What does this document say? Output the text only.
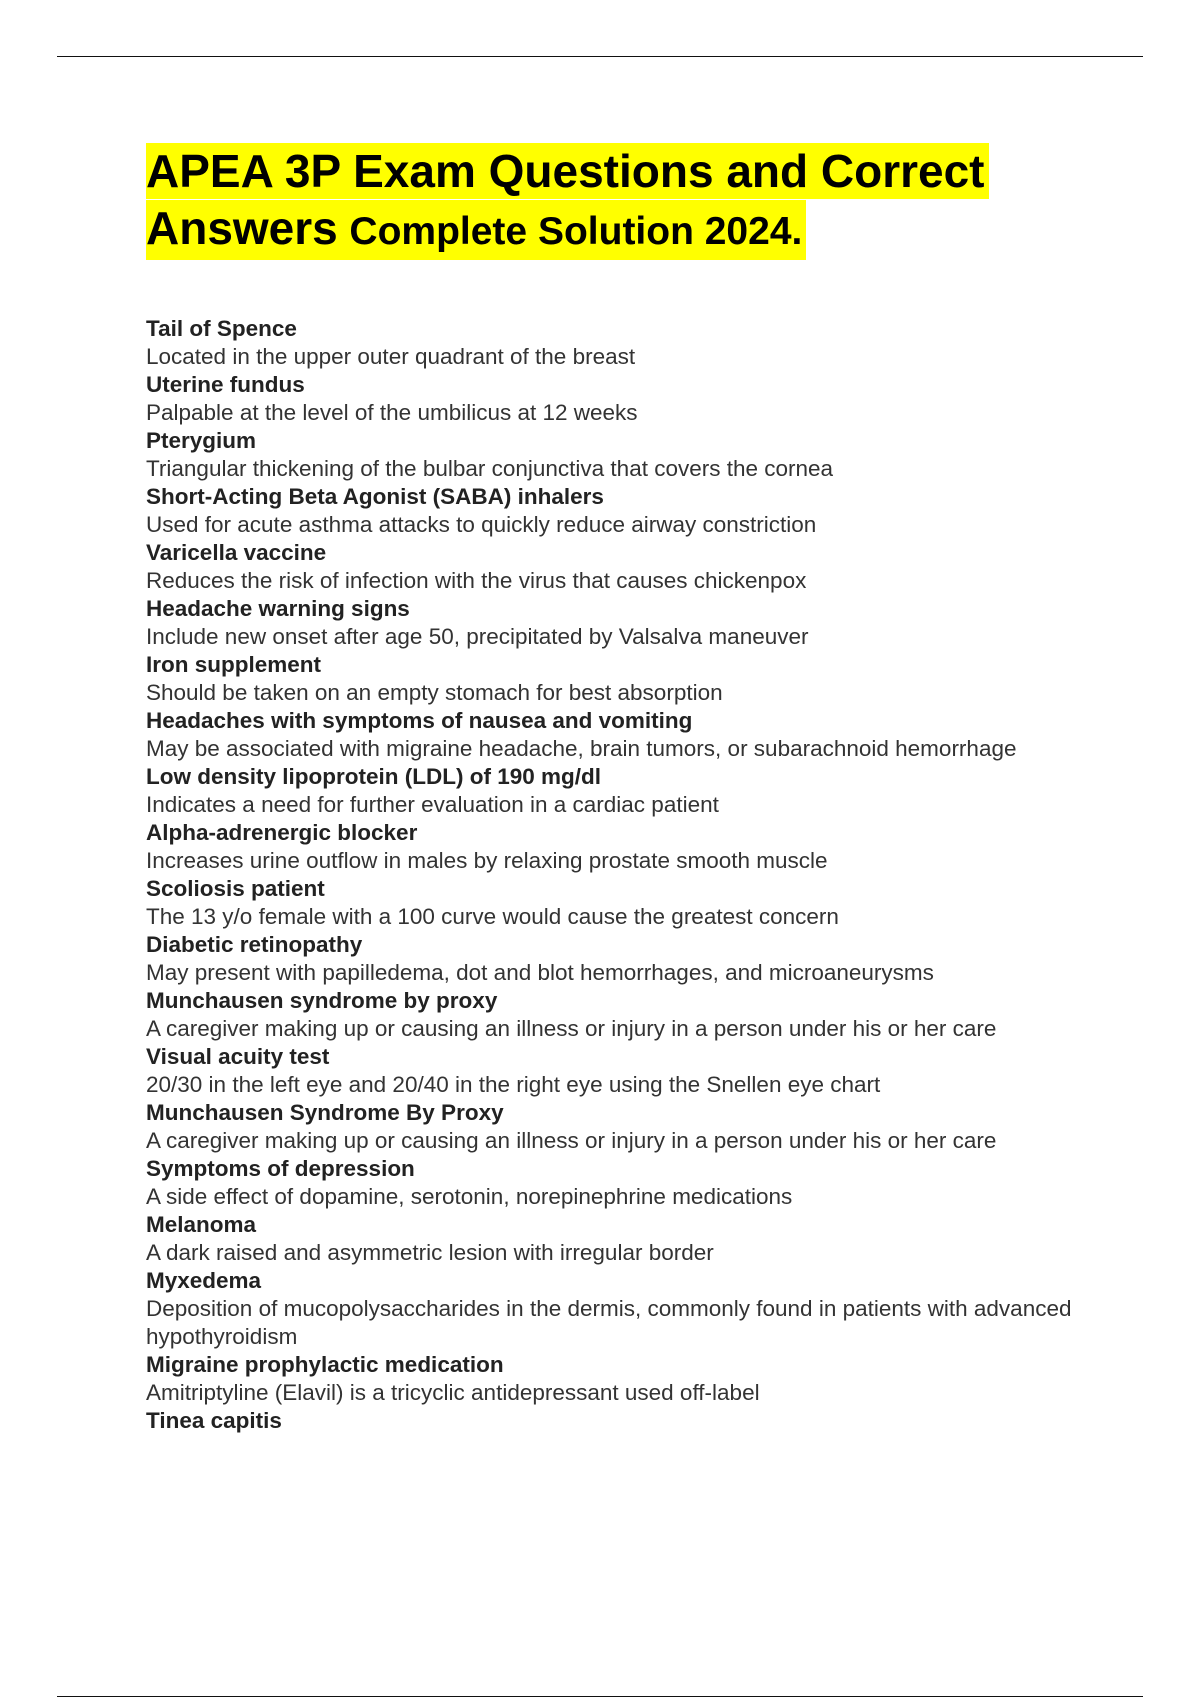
APEA 3P Exam Questions and Correct
Answers Complete Solution 2024.
Tail of Spence
Located in the upper outer quadrant of the breast
Uterine fundus
Palpable at the level of the umbilicus at 12 weeks
Pterygium
Triangular thickening of the bulbar conjunctiva that covers the cornea
Short-Acting Beta Agonist (SABA) inhalers
Used for acute asthma attacks to quickly reduce airway constriction
Varicella vaccine
Reduces the risk of infection with the virus that causes chickenpox
Headache warning signs
Include new onset after age 50, precipitated by Valsalva maneuver
Iron supplement
Should be taken on an empty stomach for best absorption
Headaches with symptoms of nausea and vomiting
May be associated with migraine headache, brain tumors, or subarachnoid hemorrhage
Low density lipoprotein (LDL) of 190 mg/dl
Indicates a need for further evaluation in a cardiac patient
Alpha-adrenergic blocker
Increases urine outflow in males by relaxing prostate smooth muscle
Scoliosis patient
The 13 y/o female with a 100 curve would cause the greatest concern
Diabetic retinopathy
May present with papilledema, dot and blot hemorrhages, and microaneurysms
Munchausen syndrome by proxy
A caregiver making up or causing an illness or injury in a person under his or her care
Visual acuity test
20/30 in the left eye and 20/40 in the right eye using the Snellen eye chart
Munchausen Syndrome By Proxy
A caregiver making up or causing an illness or injury in a person under his or her care
Symptoms of depression
A side effect of dopamine, serotonin, norepinephrine medications
Melanoma
A dark raised and asymmetric lesion with irregular border
Myxedema
Deposition of mucopolysaccharides in the dermis, commonly found in patients with advanced hypothyroidism
Migraine prophylactic medication
Amitriptyline (Elavil) is a tricyclic antidepressant used off-label
Tinea capitis
